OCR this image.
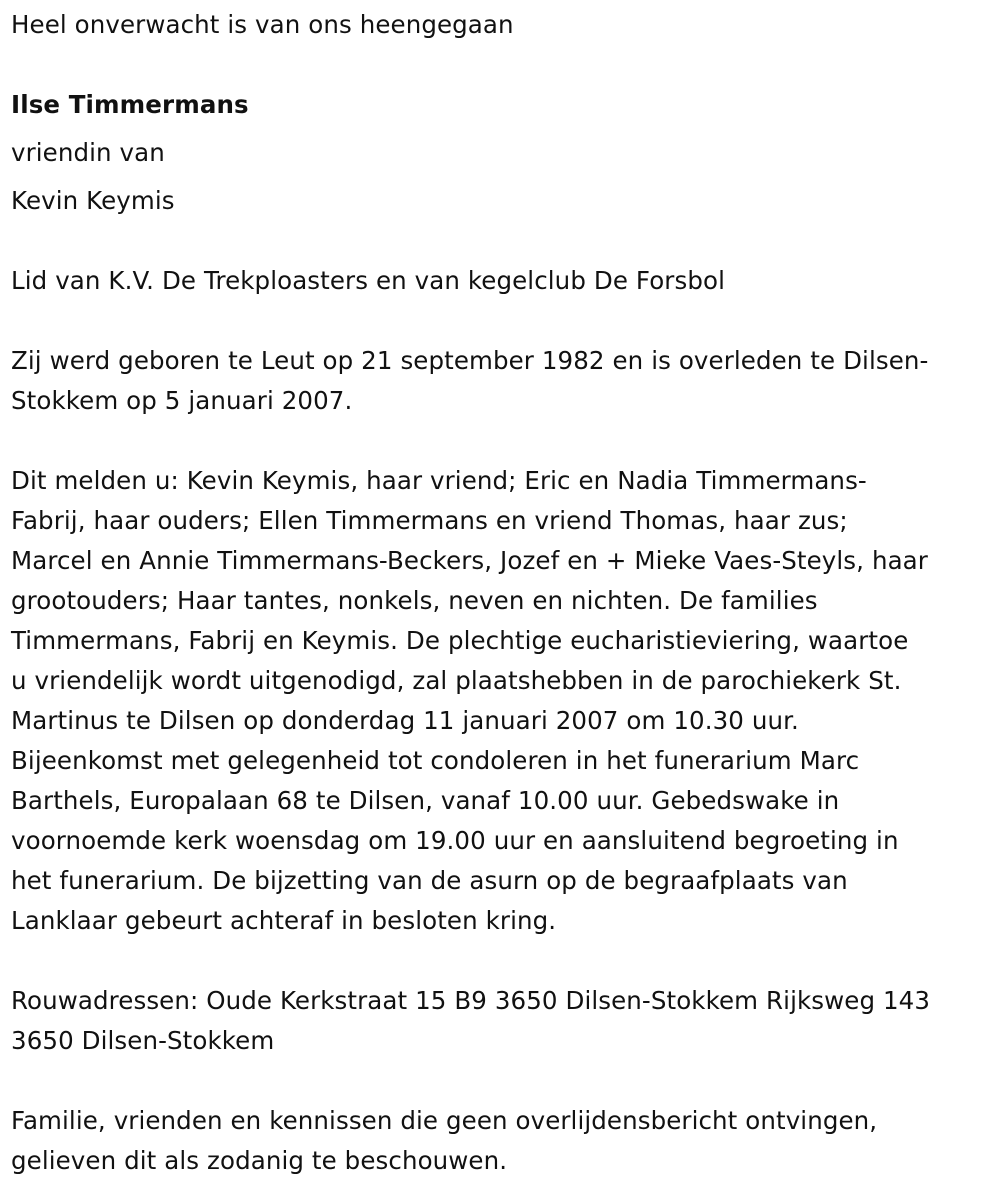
Heel onverwacht is van ons heengegaan
Ilse Timmermans
vriendin van
Kevin Keymis
Lid van K.V. De Trekploasters en van kegelclub De Forsbol
Zij werd geboren te Leut op 21 september 1982 en is overleden te Dilsen-
Stokkem op 5 januari 2007.
Dit melden u: Kevin Keymis, haar vriend; Eric en Nadia Timmermans-
Fabrij, haar ouders; Ellen Timmermans en vriend Thomas, haar zus;
Marcel en Annie Timmermans-Beckers, Jozef en + Mieke Vaes-Steyls, haar
grootouders; Haar tantes, nonkels, neven en nichten. De families
Timmermans, Fabrij en Keymis. De plechtige eucharistieviering, waartoe
u vriendelijk wordt uitgenodigd, zal plaatshebben in de parochiekerk St.
Martinus te Dilsen op donderdag 11 januari 2007 om 10.30 uur.
Bijeenkomst met gelegenheid tot condoleren in het funerarium Marc
Barthels, Europalaan 68 te Dilsen, vanaf 10.00 uur. Gebedswake in
voornoemde kerk woensdag om 19.00 uur en aansluitend begroeting in
het funerarium. De bijzetting van de asurn op de begraafplaats van
Lanklaar gebeurt achteraf in besloten kring.
Rouwadressen: Oude Kerkstraat 15 B9 3650 Dilsen-Stokkem Rijksweg 143
3650 Dilsen-Stokkem
Familie, vrienden en kennissen die geen overlijdensbericht ontvingen,
gelieven dit als zodanig te beschouwen.
